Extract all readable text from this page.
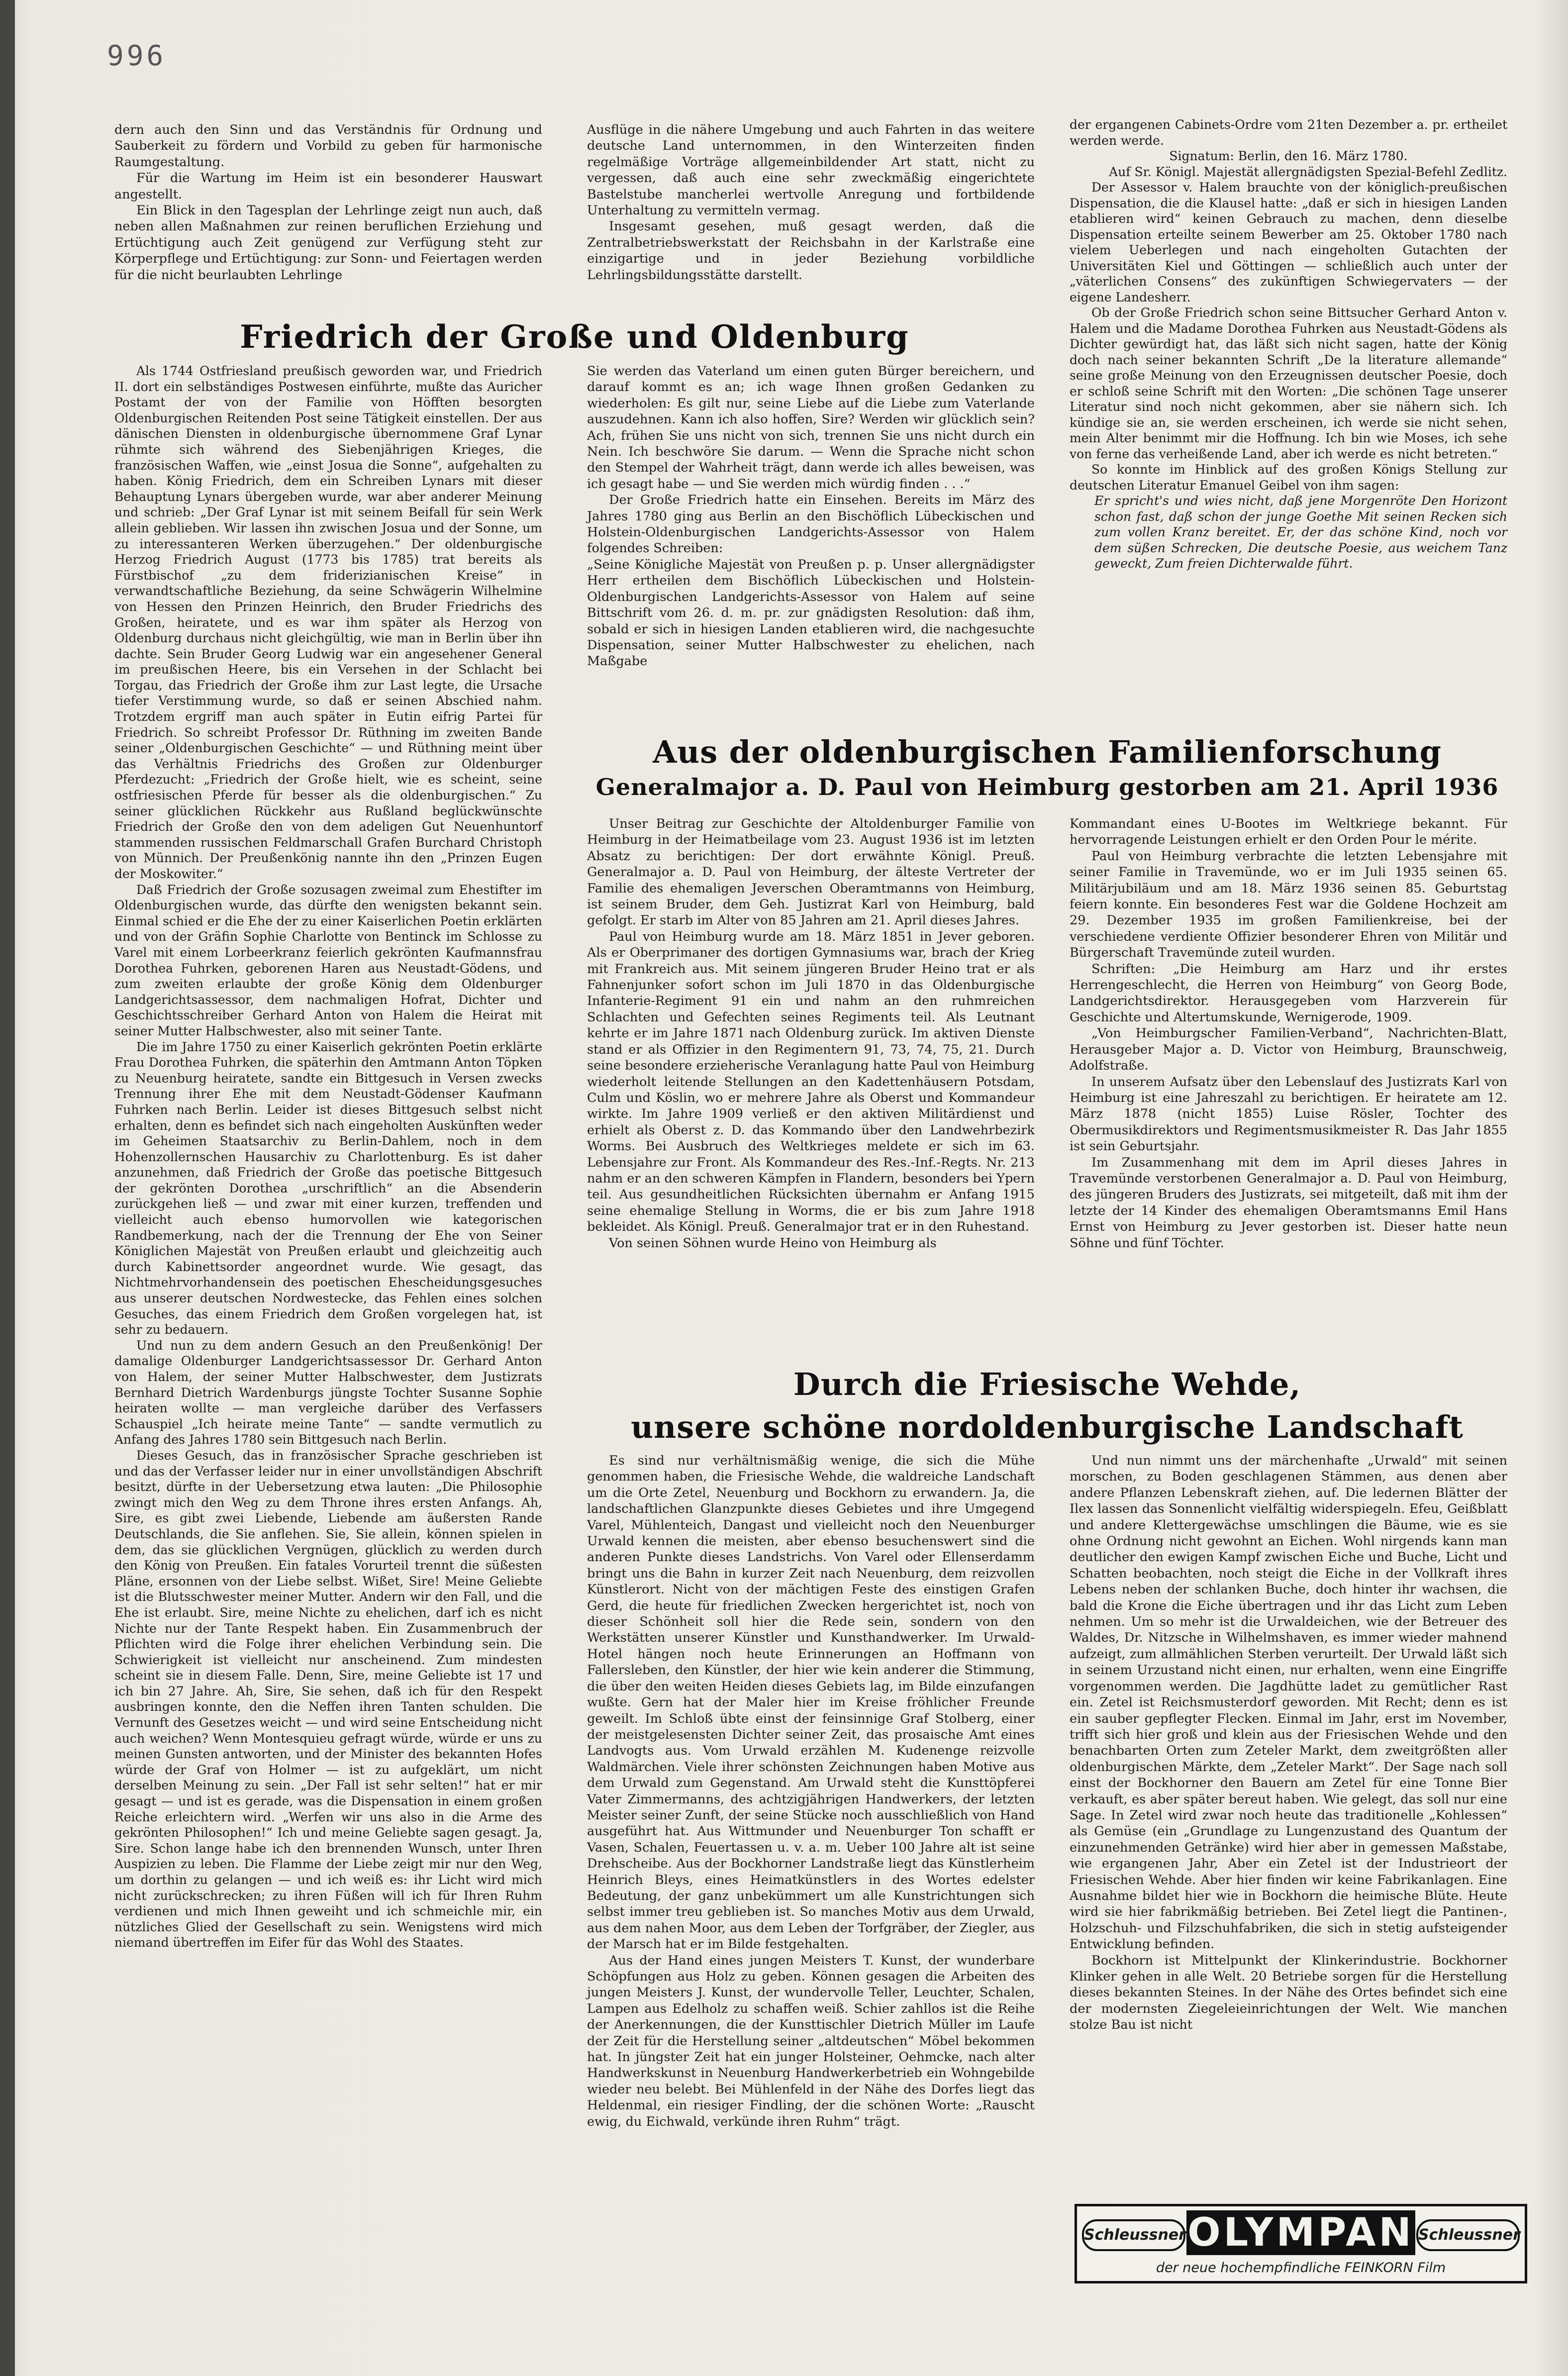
996

dern auch den Sinn und das Verständnis für Ordnung und Sauberkeit zu fördern und Vorbild zu geben für harmonische Raumgestaltung.

Für die Wartung im Heim ist ein besonderer Hauswart angestellt.

Ein Blick in den Tagesplan der Lehrlinge zeigt nun auch, daß neben allen Maßnahmen zur reinen beruflichen Erziehung und Ertüchtigung auch Zeit genügend zur Verfügung steht zur Körperpflege und Ertüchtigung: zur Sonn- und Feiertagen werden für die nicht beurlaubten Lehrlinge

Ausflüge in die nähere Umgebung und auch Fahrten in das weitere deutsche Land unternommen, in den Winterzeiten finden regelmäßige Vorträge allgemeinbildender Art statt, nicht zu vergessen, daß auch eine sehr zweckmäßig eingerichtete Bastelstube mancherlei wertvolle Anregung und fortbildende Unterhaltung zu vermitteln vermag.

Insgesamt gesehen, muß gesagt werden, daß die Zentralbetriebswerkstatt der Reichsbahn in der Karlstraße eine einzigartige und in jeder Beziehung vorbildliche Lehrlingsbildungsstätte darstellt.

der ergangenen Cabinets-Ordre vom 21ten Dezember a. pr. ertheilet werden werde.

Signatum: Berlin, den 16. März 1780.

Auf Sr. Königl. Majestät allergnädigsten Spezial-Befehl Zedlitz.

Der Assessor v. Halem brauchte von der königlich-preußischen Dispensation, die die Klausel hatte: „daß er sich in hiesigen Landen etablieren wird“ keinen Gebrauch zu machen, denn dieselbe Dispensation erteilte seinem Bewerber am 25. Oktober 1780 nach vielem Ueberlegen und nach eingeholten Gutachten der Universitäten Kiel und Göttingen — schließlich auch unter der „väterlichen Consens“ des zukünftigen Schwiegervaters — der eigene Landesherr.

Ob der Große Friedrich schon seine Bittsucher Gerhard Anton v. Halem und die Madame Dorothea Fuhrken aus Neustadt-Gödens als Dichter gewürdigt hat, das läßt sich nicht sagen, hatte der König doch nach seiner bekannten Schrift „De la literature allemande“ seine große Meinung von den Erzeugnissen deutscher Poesie, doch er schloß seine Schrift mit den Worten: „Die schönen Tage unserer Literatur sind noch nicht gekommen, aber sie nähern sich. Ich kündige sie an, sie werden erscheinen, ich werde sie nicht sehen, mein Alter benimmt mir die Hoffnung. Ich bin wie Moses, ich sehe von ferne das verheißende Land, aber ich werde es nicht betreten.“

So konnte im Hinblick auf des großen Königs Stellung zur deutschen Literatur Emanuel Geibel von ihm sagen:

Er spricht's und wies nicht, daß jene Morgenröte Den Horizont schon fast, daß schon der junge Goethe Mit seinen Recken sich zum vollen Kranz bereitet. Er, der das schöne Kind, noch vor dem süßen Schrecken, Die deutsche Poesie, aus weichem Tanz geweckt, Zum freien Dichterwalde führt.

Friedrich der Große und Oldenburg

Als 1744 Ostfriesland preußisch geworden war, und Friedrich II. dort ein selbständiges Postwesen einführte, mußte das Auricher Postamt der von der Familie von Höfften besorgten Oldenburgischen Reitenden Post seine Tätigkeit einstellen. Der aus dänischen Diensten in oldenburgische übernommene Graf Lynar rühmte sich während des Siebenjährigen Krieges, die französischen Waffen, wie „einst Josua die Sonne“, aufgehalten zu haben. König Friedrich, dem ein Schreiben Lynars mit dieser Behauptung Lynars übergeben wurde, war aber anderer Meinung und schrieb: „Der Graf Lynar ist mit seinem Beifall für sein Werk allein geblieben. Wir lassen ihn zwischen Josua und der Sonne, um zu interessanteren Werken überzugehen.“ Der oldenburgische Herzog Friedrich August (1773 bis 1785) trat bereits als Fürstbischof „zu dem friderizianischen Kreise“ in verwandtschaftliche Beziehung, da seine Schwägerin Wilhelmine von Hessen den Prinzen Heinrich, den Bruder Friedrichs des Großen, heiratete, und es war ihm später als Herzog von Oldenburg durchaus nicht gleichgültig, wie man in Berlin über ihn dachte. Sein Bruder Georg Ludwig war ein angesehener General im preußischen Heere, bis ein Versehen in der Schlacht bei Torgau, das Friedrich der Große ihm zur Last legte, die Ursache tiefer Verstimmung wurde, so daß er seinen Abschied nahm. Trotzdem ergriff man auch später in Eutin eifrig Partei für Friedrich. So schreibt Professor Dr. Rüthning im zweiten Bande seiner „Oldenburgischen Geschichte“ — und Rüthning meint über das Verhältnis Friedrichs des Großen zur Oldenburger Pferdezucht: „Friedrich der Große hielt, wie es scheint, seine ostfriesischen Pferde für besser als die oldenburgischen.“ Zu seiner glücklichen Rückkehr aus Rußland beglückwünschte Friedrich der Große den von dem adeligen Gut Neuenhuntorf stammenden russischen Feldmarschall Grafen Burchard Christoph von Münnich. Der Preußenkönig nannte ihn den „Prinzen Eugen der Moskowiter.“

Daß Friedrich der Große sozusagen zweimal zum Ehestifter im Oldenburgischen wurde, das dürfte den wenigsten bekannt sein. Einmal schied er die Ehe der zu einer Kaiserlichen Poetin erklärten und von der Gräfin Sophie Charlotte von Bentinck im Schlosse zu Varel mit einem Lorbeerkranz feierlich gekrönten Kaufmannsfrau Dorothea Fuhrken, geborenen Haren aus Neustadt-Gödens, und zum zweiten erlaubte der große König dem Oldenburger Landgerichtsassessor, dem nachmaligen Hofrat, Dichter und Geschichtsschreiber Gerhard Anton von Halem die Heirat mit seiner Mutter Halbschwester, also mit seiner Tante.

Die im Jahre 1750 zu einer Kaiserlich gekrönten Poetin erklärte Frau Dorothea Fuhrken, die späterhin den Amtmann Anton Töpken zu Neuenburg heiratete, sandte ein Bittgesuch in Versen zwecks Trennung ihrer Ehe mit dem Neustadt-Gödenser Kaufmann Fuhrken nach Berlin. Leider ist dieses Bittgesuch selbst nicht erhalten, denn es befindet sich nach eingeholten Auskünften weder im Geheimen Staatsarchiv zu Berlin-Dahlem, noch in dem Hohenzollernschen Hausarchiv zu Charlottenburg. Es ist daher anzunehmen, daß Friedrich der Große das poetische Bittgesuch der gekrönten Dorothea „urschriftlich“ an die Absenderin zurückgehen ließ — und zwar mit einer kurzen, treffenden und vielleicht auch ebenso humorvollen wie kategorischen Randbemerkung, nach der die Trennung der Ehe von Seiner Königlichen Majestät von Preußen erlaubt und gleichzeitig auch durch Kabinettsorder angeordnet wurde. Wie gesagt, das Nichtmehrvorhandensein des poetischen Ehescheidungsgesuches aus unserer deutschen Nordwestecke, das Fehlen eines solchen Gesuches, das einem Friedrich dem Großen vorgelegen hat, ist sehr zu bedauern.

Und nun zu dem andern Gesuch an den Preußenkönig! Der damalige Oldenburger Landgerichtsassessor Dr. Gerhard Anton von Halem, der seiner Mutter Halbschwester, dem Justizrats Bernhard Dietrich Wardenburgs jüngste Tochter Susanne Sophie heiraten wollte — man vergleiche darüber des Verfassers Schauspiel „Ich heirate meine Tante“ — sandte vermutlich zu Anfang des Jahres 1780 sein Bittgesuch nach Berlin.

Dieses Gesuch, das in französischer Sprache geschrieben ist und das der Verfasser leider nur in einer unvollständigen Abschrift besitzt, dürfte in der Uebersetzung etwa lauten: „Die Philosophie zwingt mich den Weg zu dem Throne ihres ersten Anfangs. Ah, Sire, es gibt zwei Liebende, Liebende am äußersten Rande Deutschlands, die Sie anflehen. Sie, Sie allein, können spielen in dem, das sie glücklichen Vergnügen, glücklich zu werden durch den König von Preußen. Ein fatales Vorurteil trennt die süßesten Pläne, ersonnen von der Liebe selbst. Wißet, Sire! Meine Geliebte ist die Blutsschwester meiner Mutter. Andern wir den Fall, und die Ehe ist erlaubt. Sire, meine Nichte zu ehelichen, darf ich es nicht Nichte nur der Tante Respekt haben. Ein Zusammenbruch der Pflichten wird die Folge ihrer ehelichen Verbindung sein. Die Schwierigkeit ist vielleicht nur anscheinend. Zum mindesten scheint sie in diesem Falle. Denn, Sire, meine Geliebte ist 17 und ich bin 27 Jahre. Ah, Sire, Sie sehen, daß ich für den Respekt ausbringen konnte, den die Neffen ihren Tanten schulden. Die Vernunft des Gesetzes weicht — und wird seine Entscheidung nicht auch weichen? Wenn Montesquieu gefragt würde, würde er uns zu meinen Gunsten antworten, und der Minister des bekannten Hofes würde der Graf von Holmer — ist zu aufgeklärt, um nicht derselben Meinung zu sein. „Der Fall ist sehr selten!“ hat er mir gesagt — und ist es gerade, was die Dispensation in einem großen Reiche erleichtern wird. „Werfen wir uns also in die Arme des gekrönten Philosophen!“ Ich und meine Geliebte sagen gesagt. Ja, Sire. Schon lange habe ich den brennenden Wunsch, unter Ihren Auspizien zu leben. Die Flamme der Liebe zeigt mir nur den Weg, um dorthin zu gelangen — und ich weiß es: ihr Licht wird mich nicht zurückschrecken; zu ihren Füßen will ich für Ihren Ruhm verdienen und mich Ihnen geweiht und ich schmeichle mir, ein nützliches Glied der Gesellschaft zu sein. Wenigstens wird mich niemand übertreffen im Eifer für das Wohl des Staates.

Sie werden das Vaterland um einen guten Bürger bereichern, und darauf kommt es an; ich wage Ihnen großen Gedanken zu wiederholen: Es gilt nur, seine Liebe auf die Liebe zum Vaterlande auszudehnen. Kann ich also hoffen, Sire? Werden wir glücklich sein? Ach, frühen Sie uns nicht von sich, trennen Sie uns nicht durch ein Nein. Ich beschwöre Sie darum. — Wenn die Sprache nicht schon den Stempel der Wahrheit trägt, dann werde ich alles beweisen, was ich gesagt habe — und Sie werden mich würdig finden . . .“

Der Große Friedrich hatte ein Einsehen. Bereits im März des Jahres 1780 ging aus Berlin an den Bischöflich Lübeckischen und Holstein-Oldenburgischen Landgerichts-Assessor von Halem folgendes Schreiben:

„Seine Königliche Majestät von Preußen p. p. Unser allergnädigster Herr ertheilen dem Bischöflich Lübeckischen und Holstein-Oldenburgischen Landgerichts-Assessor von Halem auf seine Bittschrift vom 26. d. m. pr. zur gnädigsten Resolution: daß ihm, sobald er sich in hiesigen Landen etablieren wird, die nachgesuchte Dispensation, seiner Mutter Halbschwester zu ehelichen, nach Maßgabe

Aus der oldenburgischen Familienforschung
Generalmajor a. D. Paul von Heimburg gestorben am 21. April 1936

Unser Beitrag zur Geschichte der Altoldenburger Familie von Heimburg in der Heimatbeilage vom 23. August 1936 ist im letzten Absatz zu berichtigen: Der dort erwähnte Königl. Preuß. Generalmajor a. D. Paul von Heimburg, der älteste Vertreter der Familie des ehemaligen Jeverschen Oberamtmanns von Heimburg, ist seinem Bruder, dem Geh. Justizrat Karl von Heimburg, bald gefolgt. Er starb im Alter von 85 Jahren am 21. April dieses Jahres.

Paul von Heimburg wurde am 18. März 1851 in Jever geboren. Als er Oberprimaner des dortigen Gymnasiums war, brach der Krieg mit Frankreich aus. Mit seinem jüngeren Bruder Heino trat er als Fahnenjunker sofort schon im Juli 1870 in das Oldenburgische Infanterie-Regiment 91 ein und nahm an den ruhmreichen Schlachten und Gefechten seines Regiments teil. Als Leutnant kehrte er im Jahre 1871 nach Oldenburg zurück. Im aktiven Dienste stand er als Offizier in den Regimentern 91, 73, 74, 75, 21. Durch seine besondere erzieherische Veranlagung hatte Paul von Heimburg wiederholt leitende Stellungen an den Kadettenhäusern Potsdam, Culm und Köslin, wo er mehrere Jahre als Oberst und Kommandeur wirkte. Im Jahre 1909 verließ er den aktiven Militärdienst und erhielt als Oberst z. D. das Kommando über den Landwehrbezirk Worms. Bei Ausbruch des Weltkrieges meldete er sich im 63. Lebensjahre zur Front. Als Kommandeur des Res.-Inf.-Regts. Nr. 213 nahm er an den schweren Kämpfen in Flandern, besonders bei Ypern teil. Aus gesundheitlichen Rücksichten übernahm er Anfang 1915 seine ehemalige Stellung in Worms, die er bis zum Jahre 1918 bekleidet. Als Königl. Preuß. Generalmajor trat er in den Ruhestand.

Von seinen Söhnen wurde Heino von Heimburg als

Kommandant eines U-Bootes im Weltkriege bekannt. Für hervorragende Leistungen erhielt er den Orden Pour le mérite.

Paul von Heimburg verbrachte die letzten Lebensjahre mit seiner Familie in Travemünde, wo er im Juli 1935 seinen 65. Militärjubiläum und am 18. März 1936 seinen 85. Geburtstag feiern konnte. Ein besonderes Fest war die Goldene Hochzeit am 29. Dezember 1935 im großen Familienkreise, bei der verschiedene verdiente Offizier besonderer Ehren von Militär und Bürgerschaft Travemünde zuteil wurden.

Schriften: „Die Heimburg am Harz und ihr erstes Herrengeschlecht, die Herren von Heimburg“ von Georg Bode, Landgerichtsdirektor. Herausgegeben vom Harzverein für Geschichte und Altertumskunde, Wernigerode, 1909.

„Von Heimburgscher Familien-Verband“, Nachrichten-Blatt, Herausgeber Major a. D. Victor von Heimburg, Braunschweig, Adolfstraße.

In unserem Aufsatz über den Lebenslauf des Justizrats Karl von Heimburg ist eine Jahreszahl zu berichtigen. Er heiratete am 12. März 1878 (nicht 1855) Luise Rösler, Tochter des Obermusikdirektors und Regimentsmusikmeister R. Das Jahr 1855 ist sein Geburtsjahr.

Im Zusammenhang mit dem im April dieses Jahres in Travemünde verstorbenen Generalmajor a. D. Paul von Heimburg, des jüngeren Bruders des Justizrats, sei mitgeteilt, daß mit ihm der letzte der 14 Kinder des ehemaligen Oberamtsmanns Emil Hans Ernst von Heimburg zu Jever gestorben ist. Dieser hatte neun Söhne und fünf Töchter.

Durch die Friesische Wehde,
unsere schöne nordoldenburgische Landschaft

Es sind nur verhältnismäßig wenige, die sich die Mühe genommen haben, die Friesische Wehde, die waldreiche Landschaft um die Orte Zetel, Neuenburg und Bockhorn zu erwandern. Ja, die landschaftlichen Glanzpunkte dieses Gebietes und ihre Umgegend Varel, Mühlenteich, Dangast und vielleicht noch den Neuenburger Urwald kennen die meisten, aber ebenso besuchenswert sind die anderen Punkte dieses Landstrichs. Von Varel oder Ellenserdamm bringt uns die Bahn in kurzer Zeit nach Neuenburg, dem reizvollen Künstlerort. Nicht von der mächtigen Feste des einstigen Grafen Gerd, die heute für friedlichen Zwecken hergerichtet ist, noch von dieser Schönheit soll hier die Rede sein, sondern von den Werkstätten unserer Künstler und Kunsthandwerker. Im Urwald-Hotel hängen noch heute Erinnerungen an Hoffmann von Fallersleben, den Künstler, der hier wie kein anderer die Stimmung, die über den weiten Heiden dieses Gebiets lag, im Bilde einzufangen wußte. Gern hat der Maler hier im Kreise fröhlicher Freunde geweilt. Im Schloß übte einst der feinsinnige Graf Stolberg, einer der meistgelesensten Dichter seiner Zeit, das prosaische Amt eines Landvogts aus. Vom Urwald erzählen M. Kudenenge reizvolle Waldmärchen. Viele ihrer schönsten Zeichnungen haben Motive aus dem Urwald zum Gegenstand. Am Urwald steht die Kunsttöpferei Vater Zimmermanns, des achtzigjährigen Handwerkers, der letzten Meister seiner Zunft, der seine Stücke noch ausschließlich von Hand ausgeführt hat. Aus Wittmunder und Neuenburger Ton schafft er Vasen, Schalen, Feuertassen u. v. a. m. Ueber 100 Jahre alt ist seine Drehscheibe. Aus der Bockhorner Landstraße liegt das Künstlerheim Heinrich Bleys, eines Heimatkünstlers in des Wortes edelster Bedeutung, der ganz unbekümmert um alle Kunstrichtungen sich selbst immer treu geblieben ist. So manches Motiv aus dem Urwald, aus dem nahen Moor, aus dem Leben der Torfgräber, der Ziegler, aus der Marsch hat er im Bilde festgehalten.

Aus der Hand eines jungen Meisters T. Kunst, der wunderbare Schöpfungen aus Holz zu geben. Können gesagen die Arbeiten des jungen Meisters J. Kunst, der wundervolle Teller, Leuchter, Schalen, Lampen aus Edelholz zu schaffen weiß. Schier zahllos ist die Reihe der Anerkennungen, die der Kunsttischler Dietrich Müller im Laufe der Zeit für die Herstellung seiner „altdeutschen“ Möbel bekommen hat. In jüngster Zeit hat ein junger Holsteiner, Oehmcke, nach alter Handwerkskunst in Neuenburg Handwerkerbetrieb ein Wohngebilde wieder neu belebt. Bei Mühlenfeld in der Nähe des Dorfes liegt das Heldenmal, ein riesiger Findling, der die schönen Worte: „Rauscht ewig, du Eichwald, verkünde ihren Ruhm“ trägt.

Und nun nimmt uns der märchenhafte „Urwald“ mit seinen morschen, zu Boden geschlagenen Stämmen, aus denen aber andere Pflanzen Lebenskraft ziehen, auf. Die ledernen Blätter der Ilex lassen das Sonnenlicht vielfältig widerspiegeln. Efeu, Geißblatt und andere Klettergewächse umschlingen die Bäume, wie es sie ohne Ordnung nicht gewohnt an Eichen. Wohl nirgends kann man deutlicher den ewigen Kampf zwischen Eiche und Buche, Licht und Schatten beobachten, noch steigt die Eiche in der Vollkraft ihres Lebens neben der schlanken Buche, doch hinter ihr wachsen, die bald die Krone die Eiche übertragen und ihr das Licht zum Leben nehmen. Um so mehr ist die Urwaldeichen, wie der Betreuer des Waldes, Dr. Nitzsche in Wilhelmshaven, es immer wieder mahnend aufzeigt, zum allmählichen Sterben verurteilt. Der Urwald läßt sich in seinem Urzustand nicht einen, nur erhalten, wenn eine Eingriffe vorgenommen werden. Die Jagdhütte ladet zu gemütlicher Rast ein. Zetel ist Reichsmusterdorf geworden. Mit Recht; denn es ist ein sauber gepflegter Flecken. Einmal im Jahr, erst im November, trifft sich hier groß und klein aus der Friesischen Wehde und den benachbarten Orten zum Zeteler Markt, dem zweitgrößten aller oldenburgischen Märkte, dem „Zeteler Markt“. Der Sage nach soll einst der Bockhorner den Bauern am Zetel für eine Tonne Bier verkauft, es aber später bereut haben. Wie gelegt, das soll nur eine Sage. In Zetel wird zwar noch heute das traditionelle „Kohlessen“ als Gemüse (ein „Grundlage zu Lungenzustand des Quantum der einzunehmenden Getränke) wird hier aber in gemessen Maßstabe, wie ergangenen Jahr, Aber ein Zetel ist der Industrieort der Friesischen Wehde. Aber hier finden wir keine Fabrikanlagen. Eine Ausnahme bildet hier wie in Bockhorn die heimische Blüte. Heute wird sie hier fabrikmäßig betrieben. Bei Zetel liegt die Pantinen-, Holzschuh- und Filzschuhfabriken, die sich in stetig aufsteigender Entwicklung befinden.

Bockhorn ist Mittelpunkt der Klinkerindustrie. Bockhorner Klinker gehen in alle Welt. 20 Betriebe sorgen für die Herstellung dieses bekannten Steines. In der Nähe des Ortes befindet sich eine der modernsten Ziegeleieinrichtungen der Welt. Wie manchen stolze Bau ist nicht

Schleussner OLYMPAN Schleussner
der neue hochempfindliche FEINKORN Film
